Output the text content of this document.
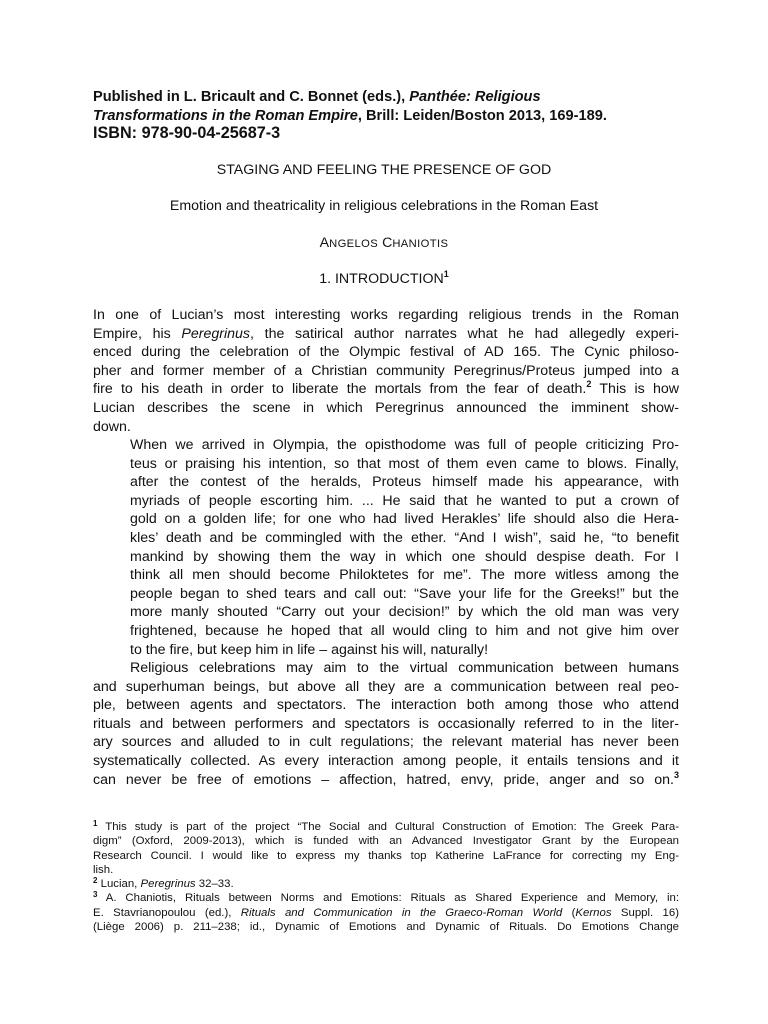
Published in L. Bricault and C. Bonnet (eds.), Panthée: Religious
Transformations in the Roman Empire, Brill: Leiden/Boston 2013, 169-189.
ISBN: 978-90-04-25687-3
STAGING AND FEELING THE PRESENCE OF GOD
Emotion and theatricality in religious celebrations in the Roman East
ANGELOS CHANIOTIS
1. INTRODUCTION$^1$
In one of Lucian’s most interesting works regarding religious trends in the Roman
Empire, his Peregrinus, the satirical author narrates what he had allegedly experi-
enced during the celebration of the Olympic festival of AD 165. The Cynic philoso-
pher and former member of a Christian community Peregrinus/Proteus jumped into a
fire to his death in order to liberate the mortals from the fear of death.$^2$ This is how
Lucian describes the scene in which Peregrinus announced the imminent show-
down.
When we arrived in Olympia, the opisthodome was full of people criticizing Pro-
teus or praising his intention, so that most of them even came to blows. Finally,
after the contest of the heralds, Proteus himself made his appearance, with
myriads of people escorting him. ... He said that he wanted to put a crown of
gold on a golden life; for one who had lived Herakles’ life should also die Hera-
kles’ death and be commingled with the ether. “And I wish”, said he, “to benefit
mankind by showing them the way in which one should despise death. For I
think all men should become Philoktetes for me”. The more witless among the
people began to shed tears and call out: “Save your life for the Greeks!” but the
more manly shouted “Carry out your decision!” by which the old man was very
frightened, because he hoped that all would cling to him and not give him over
to the fire, but keep him in life – against his will, naturally!
Religious celebrations may aim to the virtual communication between humans
and superhuman beings, but above all they are a communication between real peo-
ple, between agents and spectators. The interaction both among those who attend
rituals and between performers and spectators is occasionally referred to in the liter-
ary sources and alluded to in cult regulations; the relevant material has never been
systematically collected. As every interaction among people, it entails tensions and it
can never be free of emotions – affection, hatred, envy, pride, anger and so on.$^3$
$^1$ This study is part of the project “The Social and Cultural Construction of Emotion: The Greek Para-
digm” (Oxford, 2009-2013), which is funded with an Advanced Investigator Grant by the European
Research Council. I would like to express my thanks top Katherine LaFrance for correcting my Eng-
lish.
$^2$ Lucian, Peregrinus 32–33.
$^3$ A. Chaniotis, Rituals between Norms and Emotions: Rituals as Shared Experience and Memory, in:
E. Stavrianopoulou (ed.), Rituals and Communication in the Graeco-Roman World (Kernos Suppl. 16)
(Liège 2006) p. 211–238; id., Dynamic of Emotions and Dynamic of Rituals. Do Emotions Change
